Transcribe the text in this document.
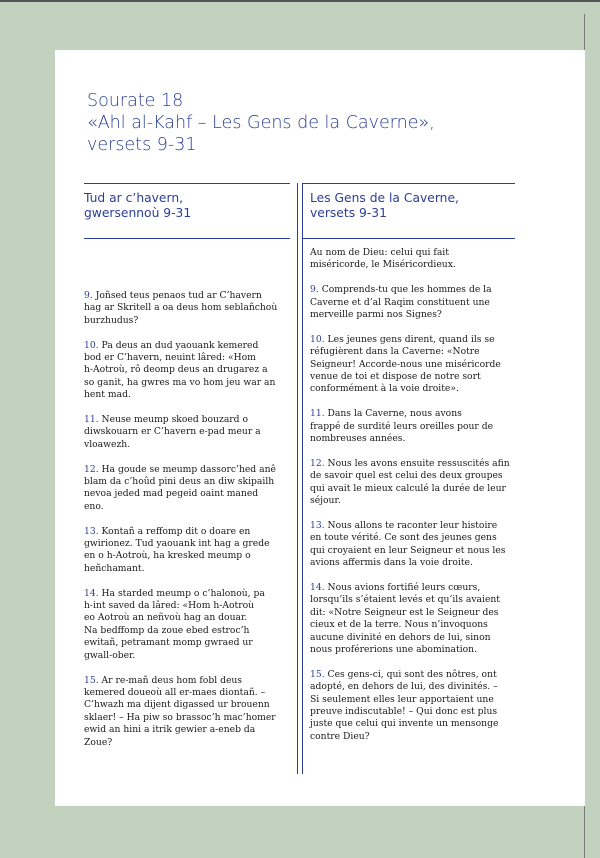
Sourate 18
«Ahl al-Kahf – Les Gens de la Caverne»,
versets 9-31
Tud ar c’havern,
gwersennoù 9-31
Les Gens de la Caverne,
versets 9-31
9. Joñsed teus penaos tud ar C’havern
hag ar Skritell a oa deus hom seblañchoù
burzhudus?
10. Pa deus an dud yaouank kemered
bod er C’havern, neuint lâred: «Hom
h-Aotroù, rô deomp deus an drugarez a
so ganit, ha gwres ma vo hom jeu war an
hent mad.
11. Neuse meump skoed bouzard o
diwskouarn er C’havern e-pad meur a
vloawezh.
12. Ha goude se meump dassorc’hed anê
blam da c’hoûd pini deus an diw skipailh
nevoa jeded mad pegeid oaint maned
eno.
13. Kontañ a reffomp dit o doare en
gwirionez. Tud yaouank int hag a grede
en o h-Aotroù, ha kresked meump o
heñchamant.
14. Ha starded meump o c’halonoù, pa
h-int saved da lâred: «Hom h-Aotroù
eo Aotroù an neñvoù hag an douar.
Na bedffomp da zoue ebed estroc’h
ewitañ, petramant momp gwraed ur
gwall-ober.
15. Ar re-mañ deus hom fobl deus
kemered doueoù all er-maes diontañ. –
C’hwazh ma dijent digassed ur brouenn
sklaer! – Ha piw so brassoc’h mac’homer
ewid an hini a itrik gewier a-eneb da
Zoue?
Au nom de Dieu: celui qui fait
miséricorde, le Miséricordieux.
9. Comprends-tu que les hommes de la
Caverne et d’al Raqim constituent une
merveille parmi nos Signes?
10. Les jeunes gens dirent, quand ils se
réfugièrent dans la Caverne: «Notre
Seigneur! Accorde-nous une miséricorde
venue de toi et dispose de notre sort
conformément à la voie droite».
11. Dans la Caverne, nous avons
frappé de surdité leurs oreilles pour de
nombreuses années.
12. Nous les avons ensuite ressuscités afin
de savoir quel est celui des deux groupes
qui avait le mieux calculé la durée de leur
séjour.
13. Nous allons te raconter leur histoire
en toute vérité. Ce sont des jeunes gens
qui croyaient en leur Seigneur et nous les
avions affermis dans la voie droite.
14. Nous avions fortifié leurs cœurs,
lorsqu’ils s’étaient levés et qu’ils avaient
dit: «Notre Seigneur est le Seigneur des
cieux et de la terre. Nous n’invoquons
aucune divinité en dehors de lui, sinon
nous proférerions une abomination.
15. Ces gens-ci, qui sont des nôtres, ont
adopté, en dehors de lui, des divinités. –
Si seulement elles leur apportaient une
preuve indiscutable! – Qui donc est plus
juste que celui qui invente un mensonge
contre Dieu?
